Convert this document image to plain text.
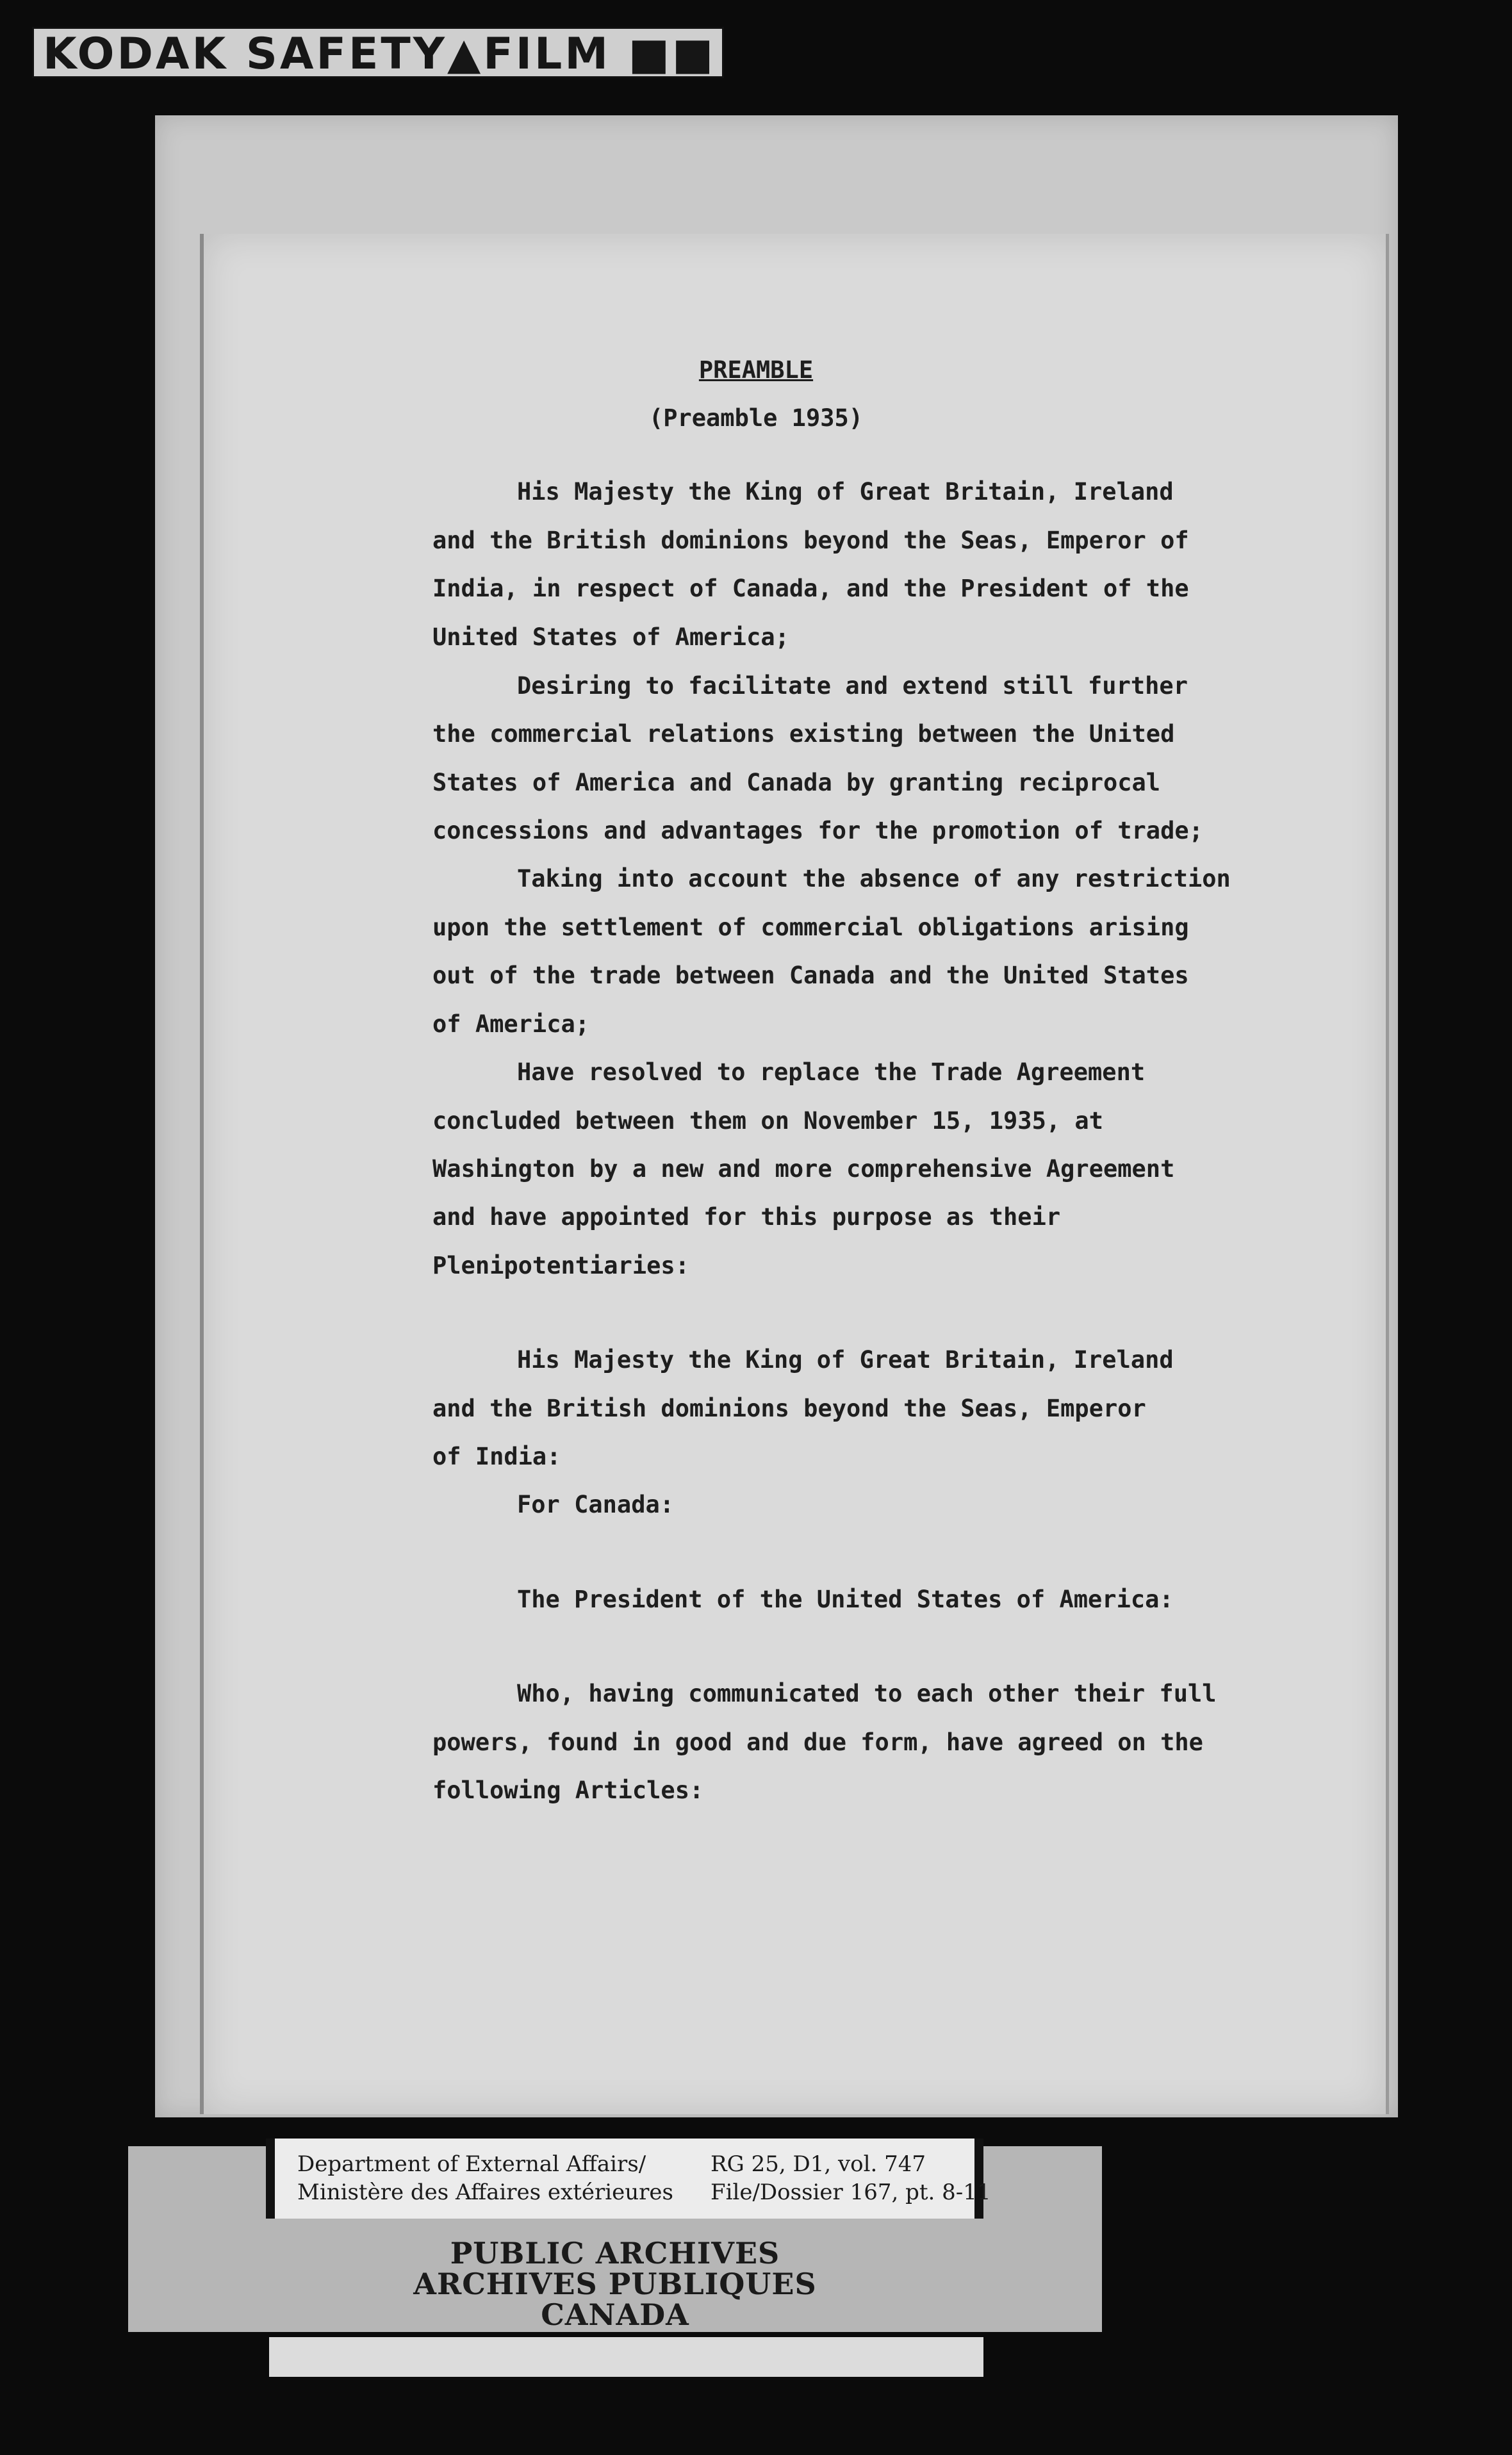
KODAK SAFETY▲FILM ■■
PREAMBLE
(Preamble 1935)
His Majesty the King of Great Britain, Ireland
and the British dominions beyond the Seas, Emperor of
India, in respect of Canada, and the President of the
United States of America;
Desiring to facilitate and extend still further
the commercial relations existing between the United
States of America and Canada by granting reciprocal
concessions and advantages for the promotion of trade;
Taking into account the absence of any restriction
upon the settlement of commercial obligations arising
out of the trade between Canada and the United States
of America;
Have resolved to replace the Trade Agreement
concluded between them on November 15, 1935, at
Washington by a new and more comprehensive Agreement
and have appointed for this purpose as their
Plenipotentiaries:
His Majesty the King of Great Britain, Ireland
and the British dominions beyond the Seas, Emperor
of India:
For Canada:
The President of the United States of America:
Who, having communicated to each other their full
powers, found in good and due form, have agreed on the
following Articles:
PUBLIC ARCHIVES
ARCHIVES PUBLIQUES
CANADA
Department of External Affairs/
Ministère des Affaires extérieures
RG 25, D1, vol. 747
File/Dossier 167, pt. 8-11
